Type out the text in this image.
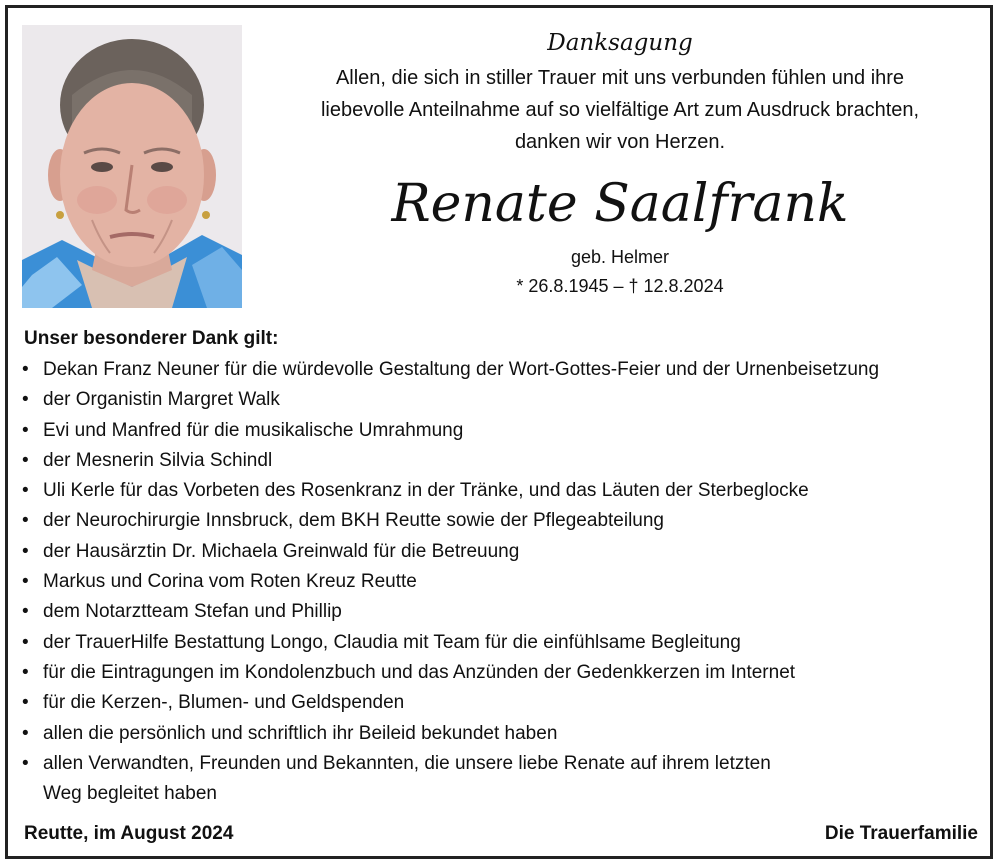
Danksagung
Allen, die sich in stiller Trauer mit uns verbunden fühlen und ihre
liebevolle Anteilnahme auf so vielfältige Art zum Ausdruck brachten,
danken wir von Herzen.
Renate Saalfrank
geb. Helmer
* 26.8.1945 – † 12.8.2024
Unser besonderer Dank gilt:
• Dekan Franz Neuner für die würdevolle Gestaltung der Wort-Gottes-Feier und der Urnenbeisetzung
• der Organistin Margret Walk
• Evi und Manfred für die musikalische Umrahmung
• der Mesnerin Silvia Schindl
• Uli Kerle für das Vorbeten des Rosenkranz in der Tränke, und das Läuten der Sterbeglocke
• der Neurochirurgie Innsbruck, dem BKH Reutte sowie der Pflegeabteilung
• der Hausärztin Dr. Michaela Greinwald für die Betreuung
• Markus und Corina vom Roten Kreuz Reutte
• dem Notarztteam Stefan und Phillip
• der TrauerHilfe Bestattung Longo, Claudia mit Team für die einfühlsame Begleitung
• für die Eintragungen im Kondolenzbuch und das Anzünden der Gedenkkerzen im Internet
• für die Kerzen-, Blumen- und Geldspenden
• allen die persönlich und schriftlich ihr Beileid bekundet haben
• allen Verwandten, Freunden und Bekannten, die unsere liebe Renate auf ihrem letzten
Weg begleitet haben
Reutte, im August 2024	Die Trauerfamilie
